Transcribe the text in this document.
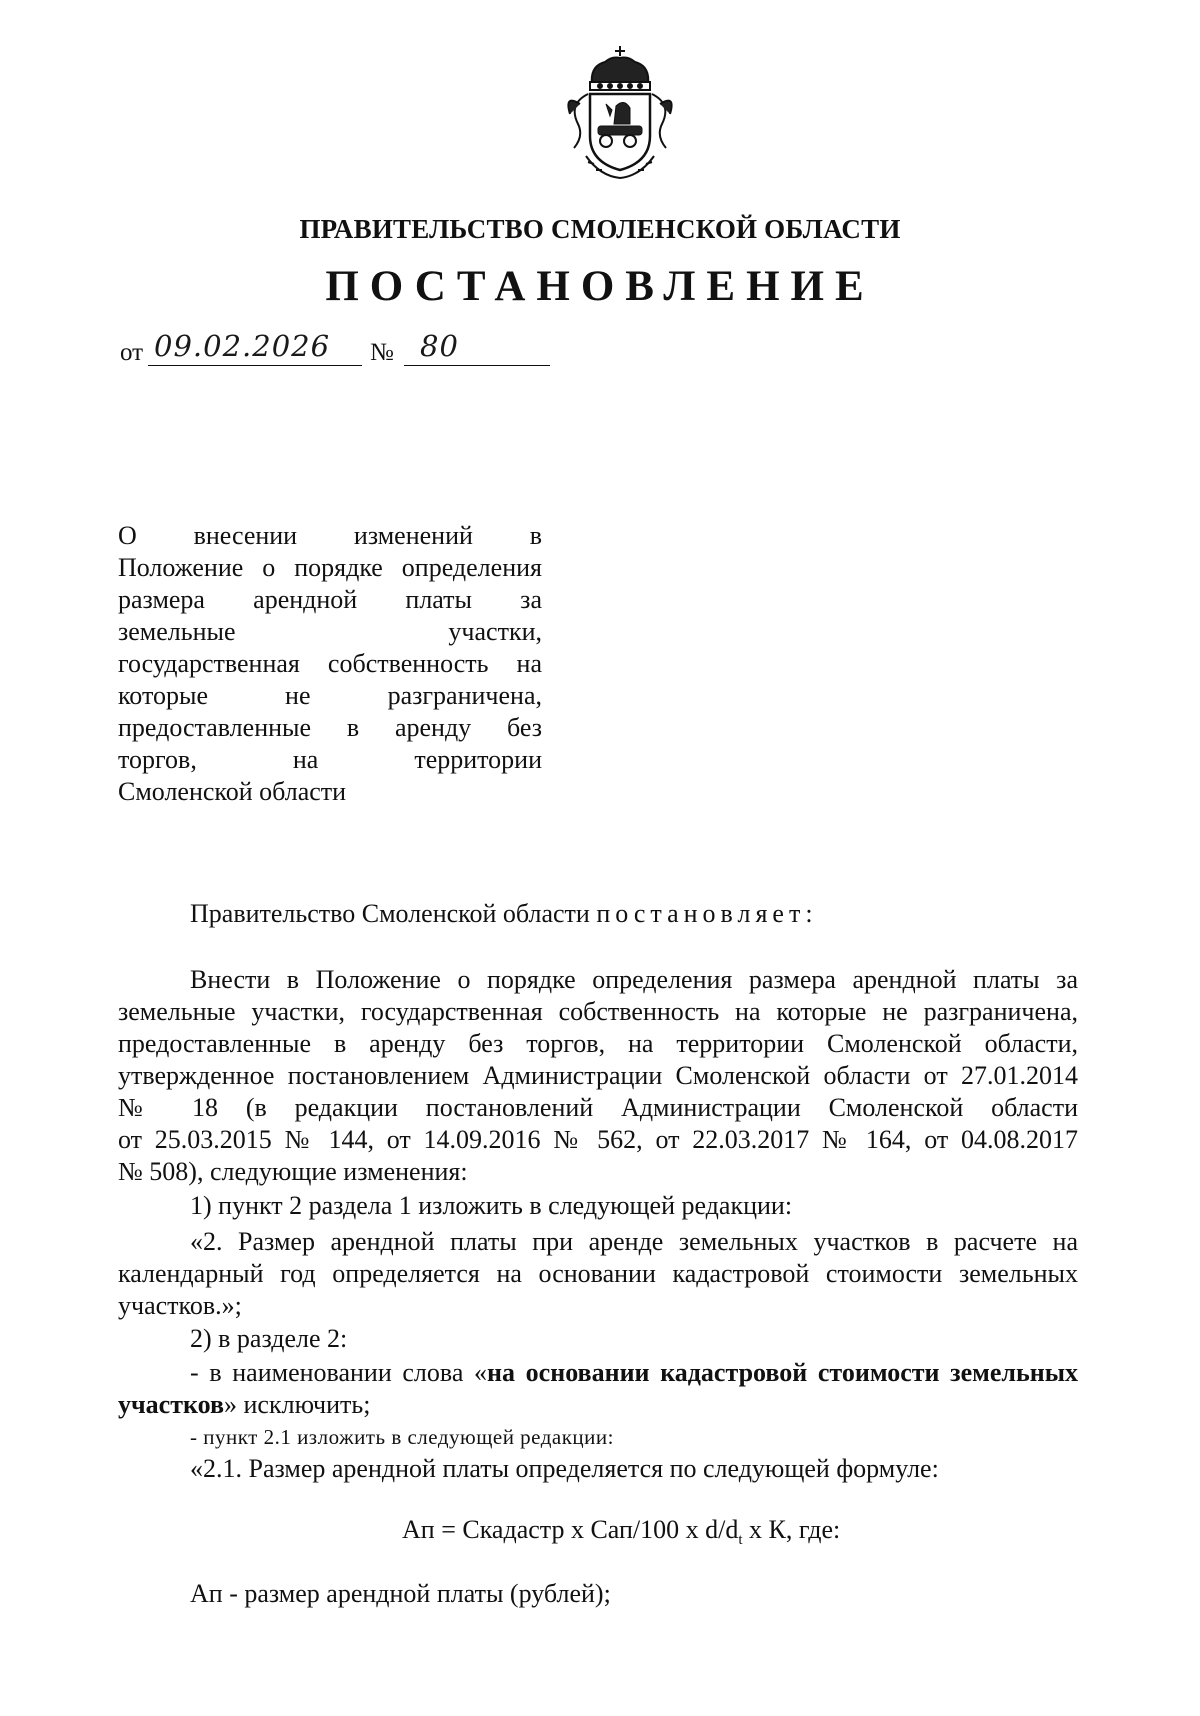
ПРАВИТЕЛЬСТВО СМОЛЕНСКОЙ ОБЛАСТИ
ПОСТАНОВЛЕНИЕ
от 09.02.2026 № 80
О внесении изменений в
Положение о порядке определения
размера арендной платы за
земельные участки,
государственная собственность на
которые не разграничена,
предоставленные в аренду без
торгов, на территории
Смоленской области
Правительство Смоленской области постановляет:
Внести в Положение о порядке определения размера арендной платы за
земельные участки, государственная собственность на которые не разграничена,
предоставленные в аренду без торгов, на территории Смоленской области,
утвержденное постановлением Администрации Смоленской области от 27.01.2014
№ 18 (в редакции постановлений Администрации Смоленской области
от 25.03.2015 № 144, от 14.09.2016 № 562, от 22.03.2017 № 164, от 04.08.2017
№ 508), следующие изменения:
1) пункт 2 раздела 1 изложить в следующей редакции:
«2. Размер арендной платы при аренде земельных участков в расчете на
календарный год определяется на основании кадастровой стоимости земельных
участков.»;
2) в разделе 2:
- в наименовании слова «на основании кадастровой стоимости земельных
участков» исключить;
- пункт 2.1 изложить в следующей редакции:
«2.1. Размер арендной платы определяется по следующей формуле:
Ап = Скадастр х Сап/100 х $d/d_t$ х К, где:
Ап - размер арендной платы (рублей);
